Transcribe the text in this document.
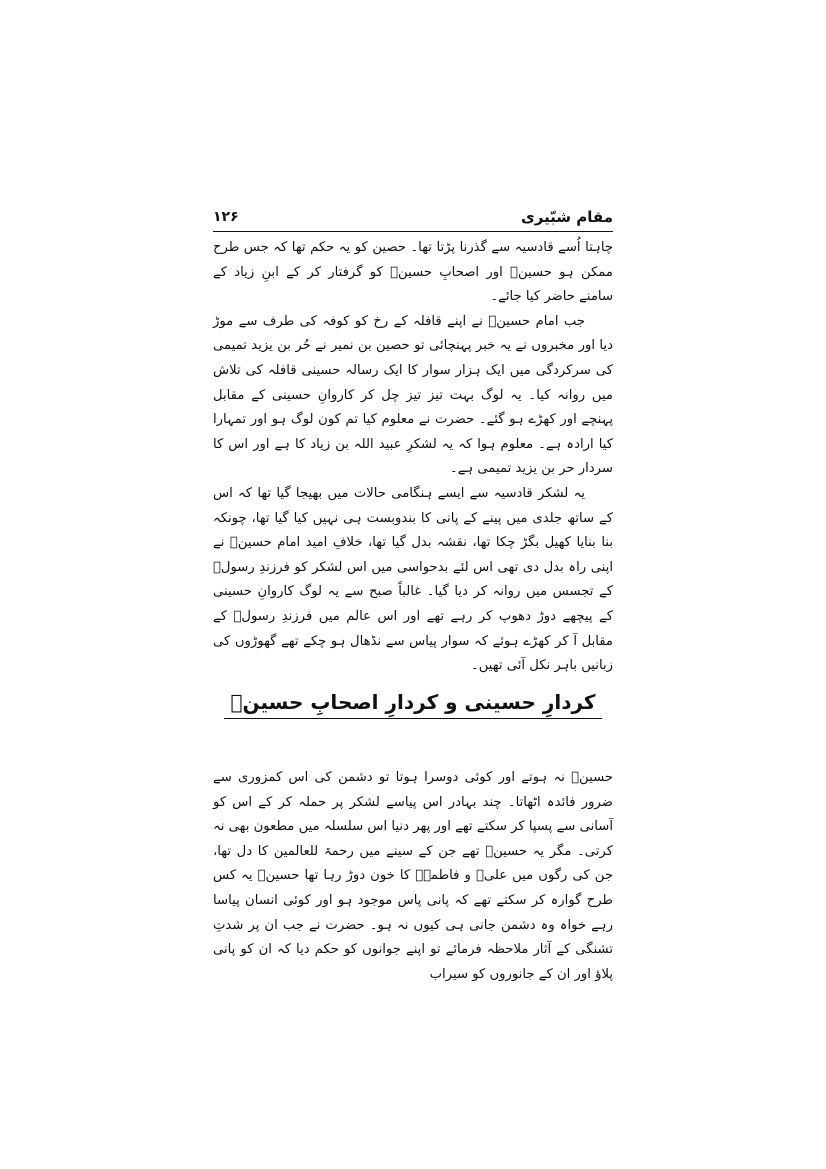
مقام شبّیری
۱۲۶

چاہتا اُسے قادسیہ سے گذرنا پڑتا تھا۔ حصین کو یہ حکم تھا کہ جس طرح ممکن ہو حسینؑ اور اصحابِ حسینؑ کو گرفتار کر کے ابنِ زیاد کے سامنے حاضر کیا جائے۔

جب امام حسینؑ نے اپنے قافلہ کے رخ کو کوفہ کی طرف سے موڑ دیا اور مخبروں نے یہ خبر پہنچائی تو حصین بن نمیر نے حُر بن یزید تمیمی کی سرکردگی میں ایک ہزار سوار کا ایک رسالہ حسینی قافلہ کی تلاش میں روانہ کیا۔ یہ لوگ بہت تیز تیز چل کر کاروانِ حسینی کے مقابل پہنچے اور کھڑے ہو گئے۔ حضرت نے معلوم کیا تم کون لوگ ہو اور تمہارا کیا ارادہ ہے۔ معلوم ہوا کہ یہ لشکرِ عبید اللہ بن زیاد کا ہے اور اس کا سردار حر بن یزید تمیمی ہے۔

یہ لشکر قادسیہ سے ایسے ہنگامی حالات میں بھیجا گیا تھا کہ اس کے ساتھ جلدی میں پینے کے پانی کا بندوبست ہی نہیں کیا گیا تھا، چونکہ بنا بنایا کھیل بگڑ چکا تھا، نقشہ بدل گیا تھا، خلافِ امید امام حسینؑ نے اپنی راہ بدل دی تھی اس لئے بدحواسی میں اس لشکر کو فرزندِ رسولؐ کے تجسس میں روانہ کر دیا گیا۔ غالباً صبح سے یہ لوگ کاروانِ حسینی کے پیچھے دوڑ دھوپ کر رہے تھے اور اس عالم میں فرزندِ رسولؐ کے مقابل آ کر کھڑے ہوئے کہ سوار پیاس سے نڈھال ہو چکے تھے گھوڑوں کی زبانیں باہر نکل آئی تھیں۔

کردارِ حسینی و کردارِ اصحابِ حسینؑ

حسینؑ نہ ہوتے اور کوئی دوسرا ہوتا تو دشمن کی اس کمزوری سے ضرور فائدہ اٹھاتا۔ چند بہادر اس پیاسے لشکر پر حملہ کر کے اس کو آسانی سے پسپا کر سکتے تھے اور پھر دنیا اس سلسلہ میں مطعون بھی نہ کرتی۔ مگر یہ حسینؑ تھے جن کے سینے میں رحمۃ للعالمین کا دل تھا، جن کی رگوں میں علیؑ و فاطمہؑ کا خون دوڑ رہا تھا حسینؑ یہ کس طرح گوارہ کر سکتے تھے کہ پانی پاس موجود ہو اور کوئی انسان پیاسا رہے خواہ وہ دشمن جانی ہی کیوں نہ ہو۔ حضرت نے جب ان پر شدتِ تشنگی کے آثار ملاحظہ فرمائے تو اپنے جوانوں کو حکم دیا کہ ان کو پانی پلاؤ اور ان کے جانوروں کو سیراب
